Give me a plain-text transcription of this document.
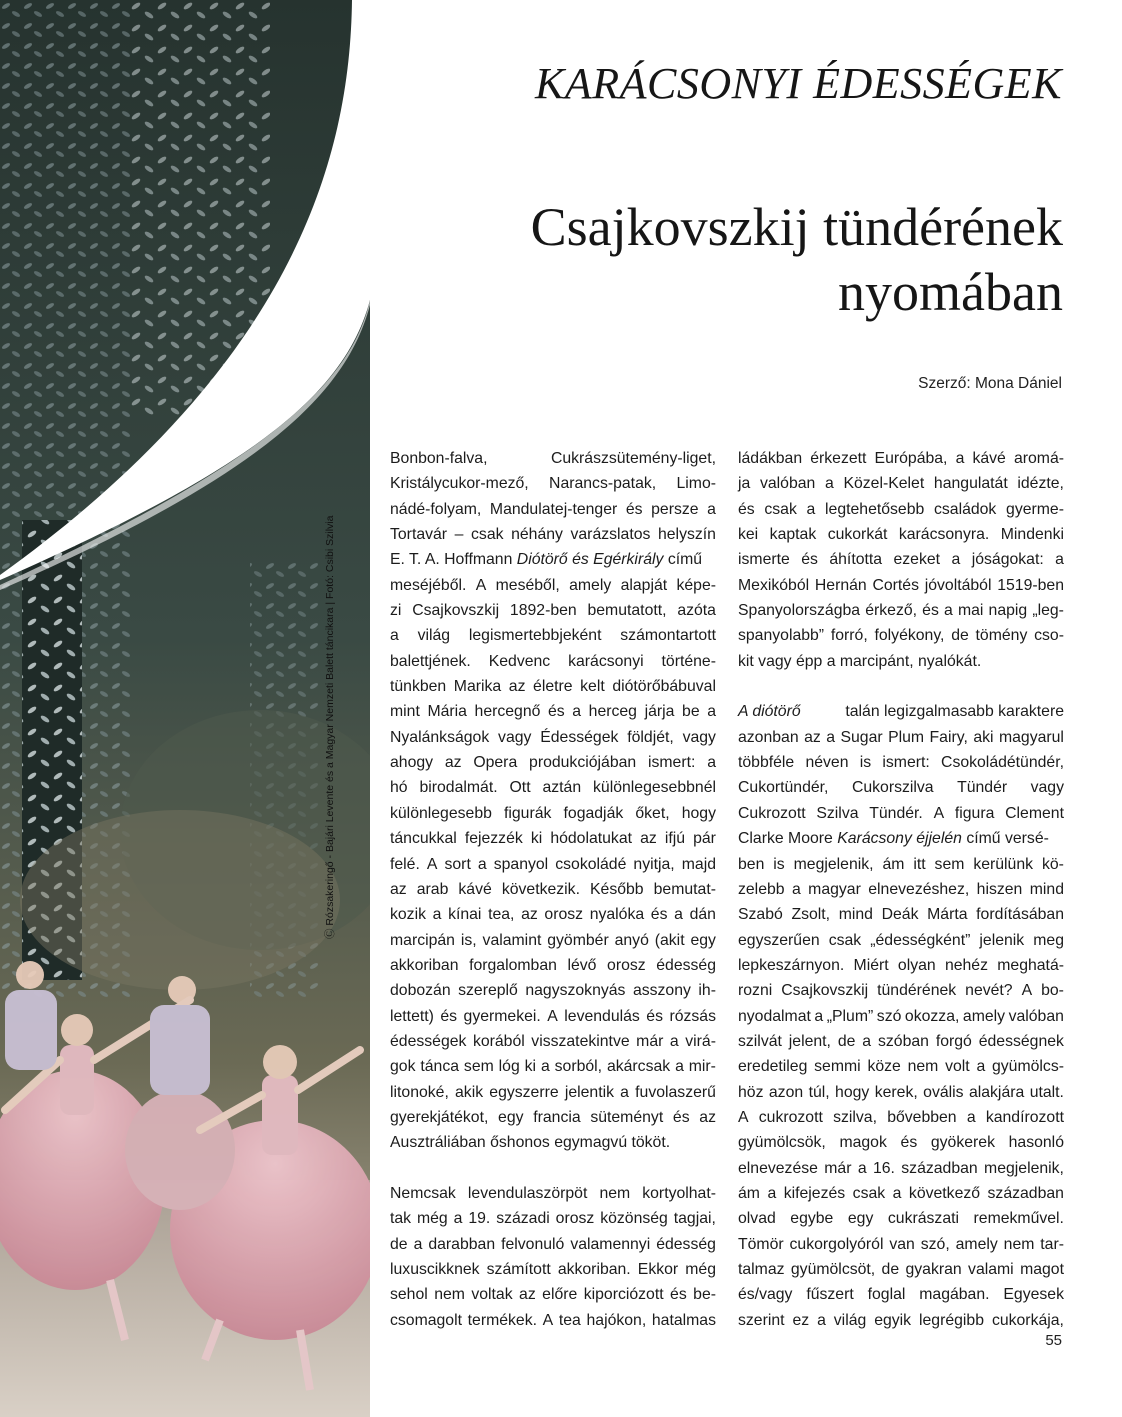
Ⓒ Rózsakeringő - Bajári Levente és a Magyar Nemzeti Balett táncikara | Fotó: Csibi Szilvia
KARÁCSONYI ÉDESSÉGEK
Csajkovszkij tündérének
nyomában
Szerző: Mona Dániel
Bonbon-falva,	Cukrászsütemény-liget,
Kristálycukor-mező, Narancs-patak, Limo-
nádé-folyam, Mandulatej-tenger és persze a
Tortavár – csak néhány varázslatos helyszín
E. T. A. Hoffmann Diótörő és Egérkirály című
meséjéből. A meséből, amely alapját képe-
zi Csajkovszkij 1892-ben bemutatott, azóta
a világ legismertebbjeként számontartott
balettjének. Kedvenc karácsonyi történe-
tünkben Marika az életre kelt diótörőbábuval
mint Mária hercegnő és a herceg járja be a
Nyalánkságok vagy Édességek földjét, vagy
ahogy az Opera produkciójában ismert: a
hó birodalmát. Ott aztán különlegesebbnél
különlegesebb figurák fogadják őket, hogy
táncukkal fejezzék ki hódolatukat az ifjú pár
felé. A sort a spanyol csokoládé nyitja, majd
az arab kávé következik. Később bemutat-
kozik a kínai tea, az orosz nyalóka és a dán
marcipán is, valamint gyömbér anyó (akit egy
akkoriban forgalomban lévő orosz édesség
dobozán szereplő nagyszoknyás asszony ih-
lettett) és gyermekei. A levendulás és rózsás
édességek korából visszatekintve már a virá-
gok tánca sem lóg ki a sorból, akárcsak a mir-
litonoké, akik egyszerre jelentik a fuvolaszerű
gyerekjátékot, egy francia süteményt és az
Ausztráliában őshonos egymagvú tököt.
Nemcsak levendulaszörpöt nem kortyolhat-
tak még a 19. századi orosz közönség tagjai,
de a darabban felvonuló valamennyi édesség
luxuscikknek számított akkoriban. Ekkor még
sehol nem voltak az előre kiporciózott és be-
csomagolt termékek. A tea hajókon, hatalmas
ládákban érkezett Európába, a kávé aromá-
ja valóban a Közel-Kelet hangulatát idézte,
és csak a legtehetősebb családok gyerme-
kei kaptak cukorkát karácsonyra. Mindenki
ismerte és áhította ezeket a jóságokat: a
Mexikóból Hernán Cortés jóvoltából 1519-ben
Spanyolországba érkező, és a mai napig „leg-
spanyolabb” forró, folyékony, de tömény cso-
kit vagy épp a marcipánt, nyalókát.
A diótörő	talán legizgalmasabb karaktere
azonban az a Sugar Plum Fairy, aki magyarul
többféle néven is ismert: Csokoládétündér,
Cukortündér, Cukorszilva Tündér vagy
Cukrozott Szilva Tündér. A figura Clement
Clarke Moore Karácsony éjjelén című versé-
ben is megjelenik, ám itt sem kerülünk kö-
zelebb a magyar elnevezéshez, hiszen mind
Szabó Zsolt, mind Deák Márta fordításában
egyszerűen csak „édességként” jelenik meg
lepkeszárnyon. Miért olyan nehéz meghatá-
rozni Csajkovszkij tündérének nevét? A bo-
nyodalmat a „Plum” szó okozza, amely valóban
szilvát jelent, de a szóban forgó édességnek
eredetileg semmi köze nem volt a gyümölcs-
höz azon túl, hogy kerek, ovális alakjára utalt.
A cukrozott szilva, bővebben a kandírozott
gyümölcsök, magok és gyökerek hasonló
elnevezése már a 16. században megjelenik,
ám a kifejezés csak a következő században
olvad egybe egy cukrászati remekművel.
Tömör cukorgolyóról van szó, amely nem tar-
talmaz gyümölcsöt, de gyakran valami magot
és/vagy fűszert foglal magában. Egyesek
szerint ez a világ egyik legrégibb cukorkája,
55
